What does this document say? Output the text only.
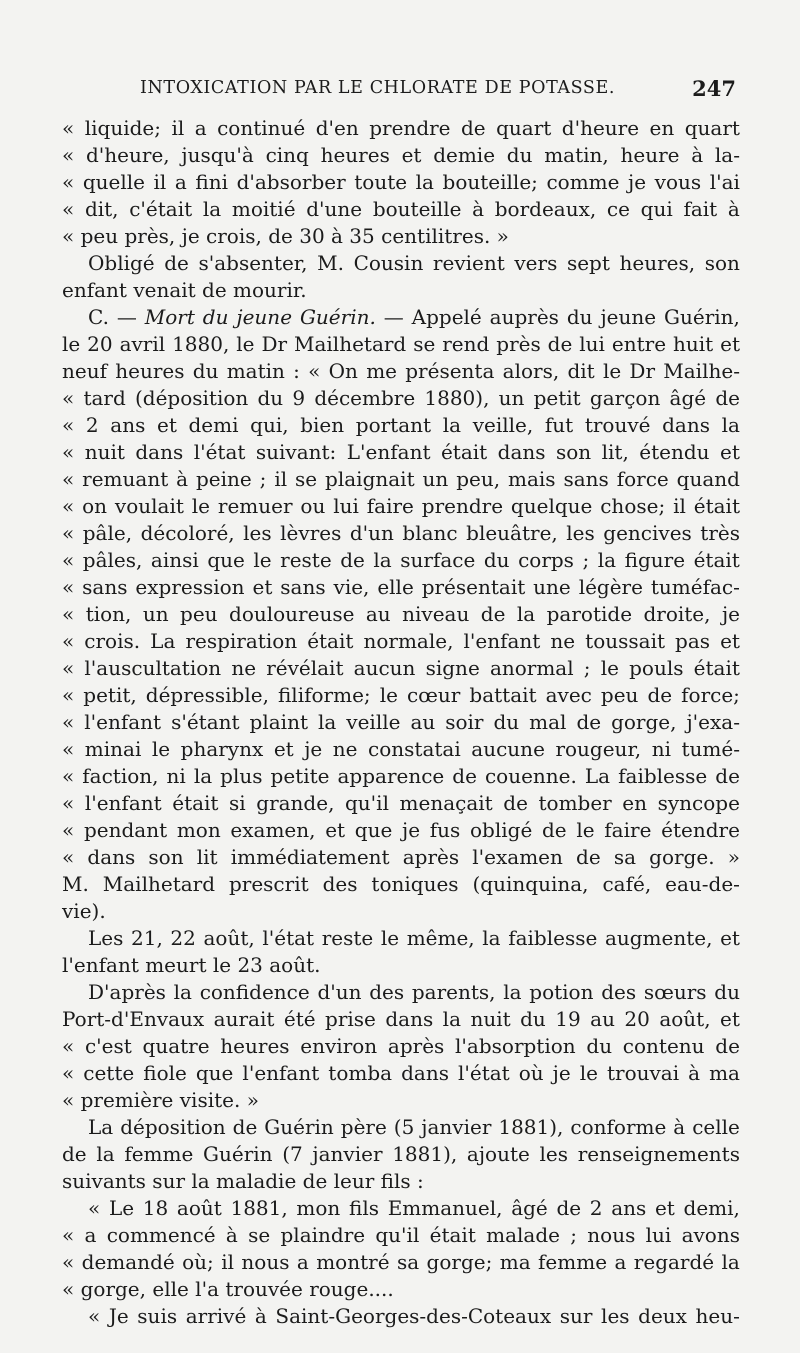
INTOXICATION PAR LE CHLORATE DE POTASSE.	247
« liquide; il a continué d'en prendre de quart d'heure en quart
« d'heure, jusqu'à cinq heures et demie du matin, heure à la-
« quelle il a fini d'absorber toute la bouteille; comme je vous l'ai
« dit, c'était la moitié d'une bouteille à bordeaux, ce qui fait à
« peu près, je crois, de 30 à 35 centilitres. »
Obligé de s'absenter, M. Cousin revient vers sept heures, son
enfant venait de mourir.
C. — Mort du jeune Guérin. — Appelé auprès du jeune Guérin,
le 20 avril 1880, le Dr Mailhetard se rend près de lui entre huit et
neuf heures du matin : « On me présenta alors, dit le Dr Mailhe-
« tard (déposition du 9 décembre 1880), un petit garçon âgé de
« 2 ans et demi qui, bien portant la veille, fut trouvé dans la
« nuit dans l'état suivant: L'enfant était dans son lit, étendu et
« remuant à peine ; il se plaignait un peu, mais sans force quand
« on voulait le remuer ou lui faire prendre quelque chose; il était
« pâle, décoloré, les lèvres d'un blanc bleuâtre, les gencives très
« pâles, ainsi que le reste de la surface du corps ; la figure était
« sans expression et sans vie, elle présentait une légère tuméfac-
« tion, un peu douloureuse au niveau de la parotide droite, je
« crois. La respiration était normale, l'enfant ne toussait pas et
« l'auscultation ne révélait aucun signe anormal ; le pouls était
« petit, dépressible, filiforme; le cœur battait avec peu de force;
« l'enfant s'étant plaint la veille au soir du mal de gorge, j'exa-
« minai le pharynx et je ne constatai aucune rougeur, ni tumé-
« faction, ni la plus petite apparence de couenne. La faiblesse de
« l'enfant était si grande, qu'il menaçait de tomber en syncope
« pendant mon examen, et que je fus obligé de le faire étendre
« dans son lit immédiatement après l'examen de sa gorge. »
M. Mailhetard prescrit des toniques (quinquina, café, eau-de-
vie).
Les 21, 22 août, l'état reste le même, la faiblesse augmente, et
l'enfant meurt le 23 août.
D'après la confidence d'un des parents, la potion des sœurs du
Port-d'Envaux aurait été prise dans la nuit du 19 au 20 août, et
« c'est quatre heures environ après l'absorption du contenu de
« cette fiole que l'enfant tomba dans l'état où je le trouvai à ma
« première visite. »
La déposition de Guérin père (5 janvier 1881), conforme à celle
de la femme Guérin (7 janvier 1881), ajoute les renseignements
suivants sur la maladie de leur fils :
« Le 18 août 1881, mon fils Emmanuel, âgé de 2 ans et demi,
« a commencé à se plaindre qu'il était malade ; nous lui avons
« demandé où; il nous a montré sa gorge; ma femme a regardé la
« gorge, elle l'a trouvée rouge....
« Je suis arrivé à Saint-Georges-des-Coteaux sur les deux heu-
